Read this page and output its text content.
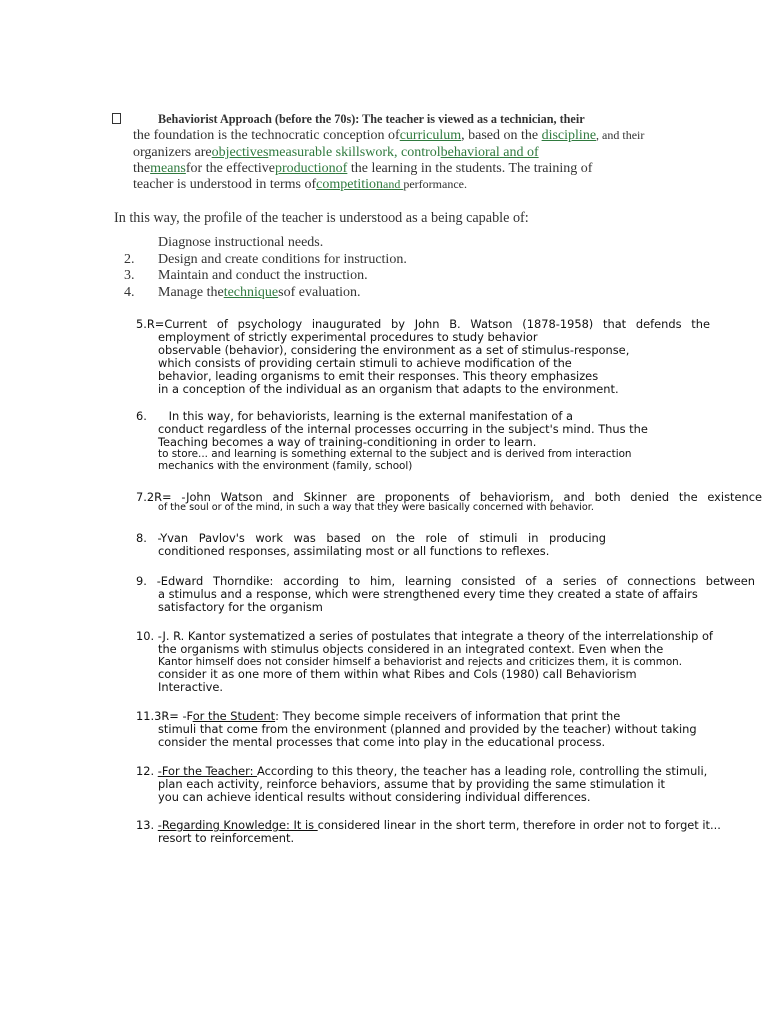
Behaviorist Approach (before the 70s): The teacher is viewed as a technician, their
the foundation is the technocratic conception ofcurriculum, based on the discipline, and their
organizers areobjectivesmeasurable skillswork, controlbehavioral and of
themeansfor the effectiveproductionof the learning in the students. The training of
teacher is understood in terms ofcompetitionand performance.
In this way, the profile of the teacher is understood as a being capable of:
Diagnose instructional needs.
2. Design and create conditions for instruction.
3. Maintain and conduct the instruction.
4. Manage thetechniquesof evaluation.
5.R=Current of psychology inaugurated by John B. Watson (1878-1958) that defends the
employment of strictly experimental procedures to study behavior
observable (behavior), considering the environment as a set of stimulus-response,
which consists of providing certain stimuli to achieve modification of the
behavior, leading organisms to emit their responses. This theory emphasizes
in a conception of the individual as an organism that adapts to the environment.
6.      In this way, for behaviorists, learning is the external manifestation of a
conduct regardless of the internal processes occurring in the subject's mind. Thus the
Teaching becomes a way of training-conditioning in order to learn.
to store... and learning is something external to the subject and is derived from interaction
mechanics with the environment (family, school)
7.2R= -John Watson and Skinner are proponents of behaviorism, and both denied the existence
of the soul or of the mind, in such a way that they were basically concerned with behavior.
8. -Yvan Pavlov's work was based on the role of stimuli in producing
conditioned responses, assimilating most or all functions to reflexes.
9. -Edward Thorndike: according to him, learning consisted of a series of connections between
a stimulus and a response, which were strengthened every time they created a state of affairs
satisfactory for the organism
10. -J. R. Kantor systematized a series of postulates that integrate a theory of the interrelationship of
the organisms with stimulus objects considered in an integrated context. Even when the
Kantor himself does not consider himself a behaviorist and rejects and criticizes them, it is common.
consider it as one more of them within what Ribes and Cols (1980) call Behaviorism
Interactive.
11.3R= -For the Student: They become simple receivers of information that print the
stimuli that come from the environment (planned and provided by the teacher) without taking
consider the mental processes that come into play in the educational process.
12. -For the Teacher: According to this theory, the teacher has a leading role, controlling the stimuli,
plan each activity, reinforce behaviors, assume that by providing the same stimulation it
you can achieve identical results without considering individual differences.
13. -Regarding Knowledge: It is considered linear in the short term, therefore in order not to forget it...
resort to reinforcement.
